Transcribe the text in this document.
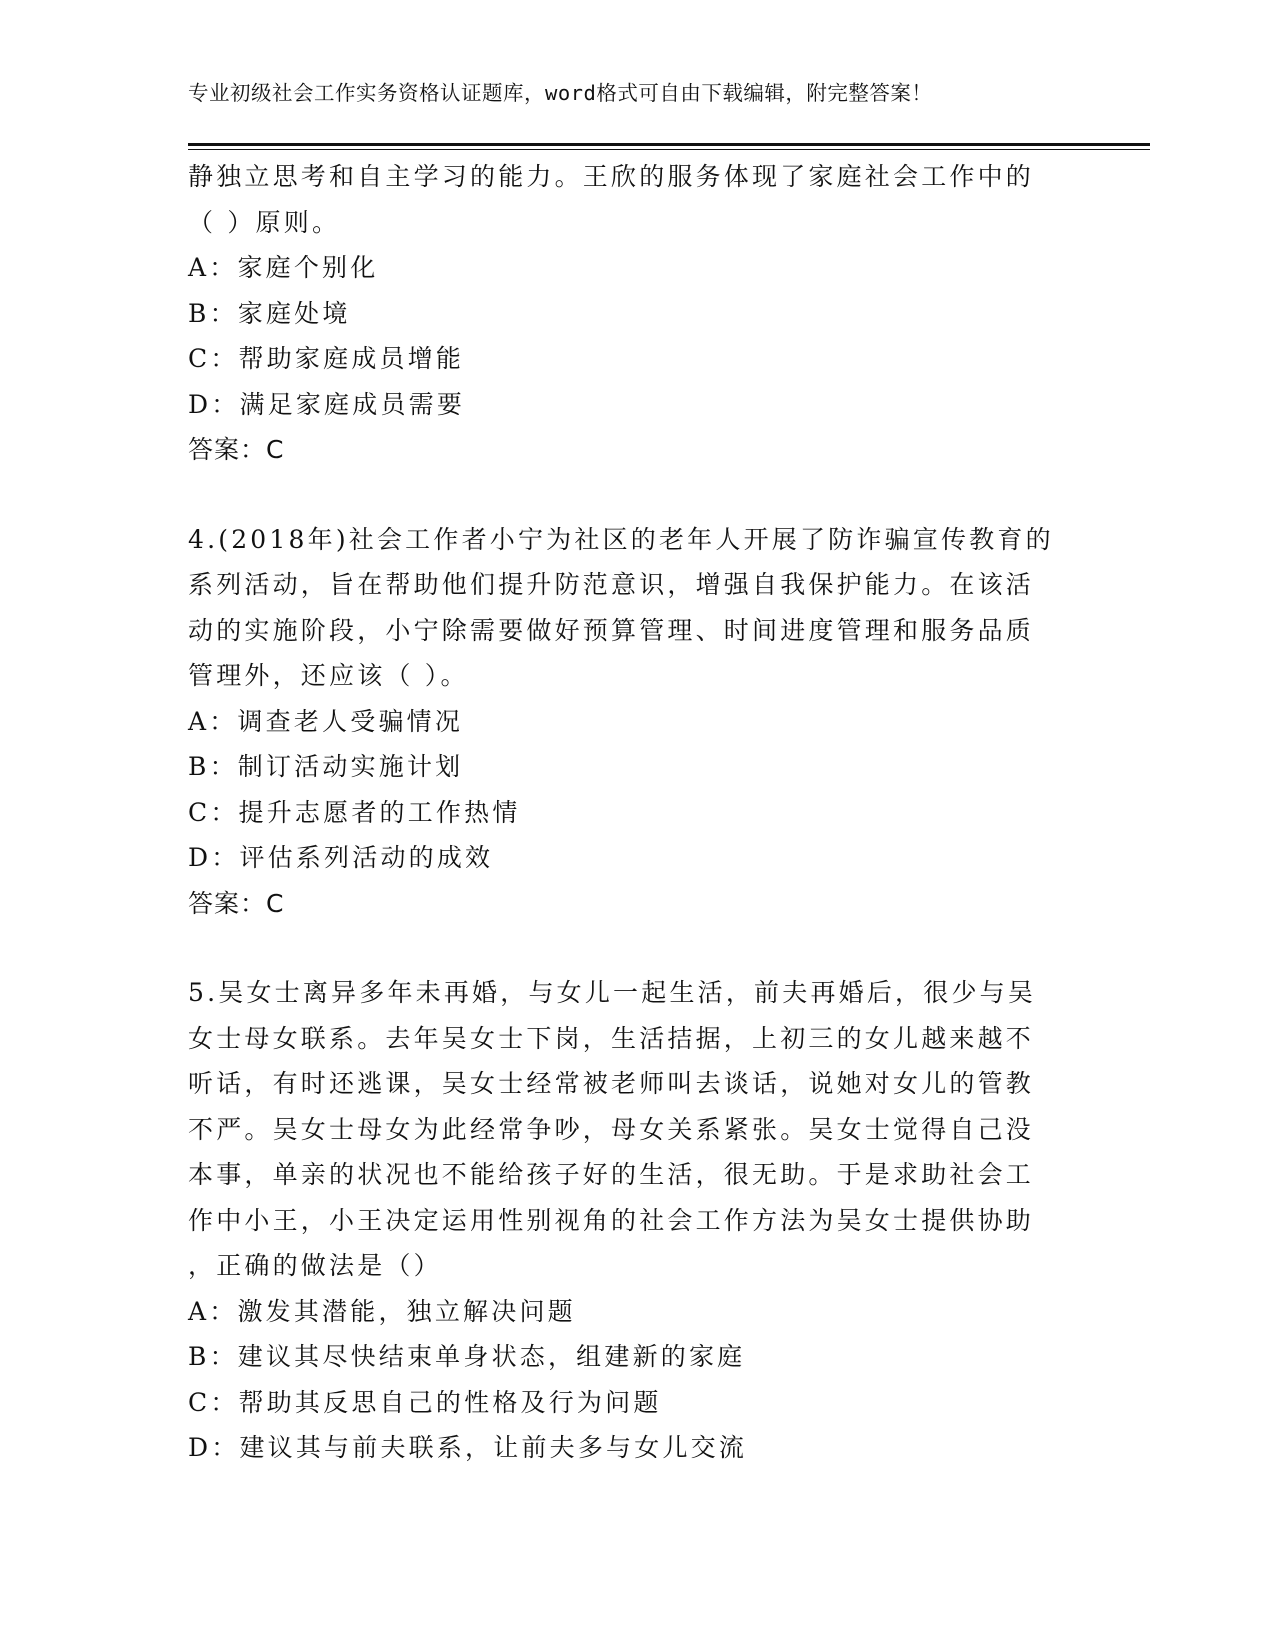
专业初级社会工作实务资格认证题库，word格式可自由下载编辑，附完整答案！
静独立思考和自主学习的能力。王欣的服务体现了家庭社会工作中的
（ ）原则。
A：家庭个别化
B：家庭处境
C：帮助家庭成员增能
D：满足家庭成员需要
答案：C
4.(2018年)社会工作者小宁为社区的老年人开展了防诈骗宣传教育的
系列活动，旨在帮助他们提升防范意识，增强自我保护能力。在该活
动的实施阶段，小宁除需要做好预算管理、时间进度管理和服务品质
管理外，还应该（ ）。
A：调查老人受骗情况
B：制订活动实施计划
C：提升志愿者的工作热情
D：评估系列活动的成效
答案：C
5.吴女士离异多年未再婚，与女儿一起生活，前夫再婚后，很少与吴
女士母女联系。去年吴女士下岗，生活拮据，上初三的女儿越来越不
听话，有时还逃课，吴女士经常被老师叫去谈话，说她对女儿的管教
不严。吴女士母女为此经常争吵，母女关系紧张。吴女士觉得自己没
本事，单亲的状况也不能给孩子好的生活，很无助。于是求助社会工
作中小王，小王决定运用性别视角的社会工作方法为吴女士提供协助
，正确的做法是（）
A：激发其潜能，独立解决问题
B：建议其尽快结束单身状态，组建新的家庭
C：帮助其反思自己的性格及行为问题
D：建议其与前夫联系，让前夫多与女儿交流
